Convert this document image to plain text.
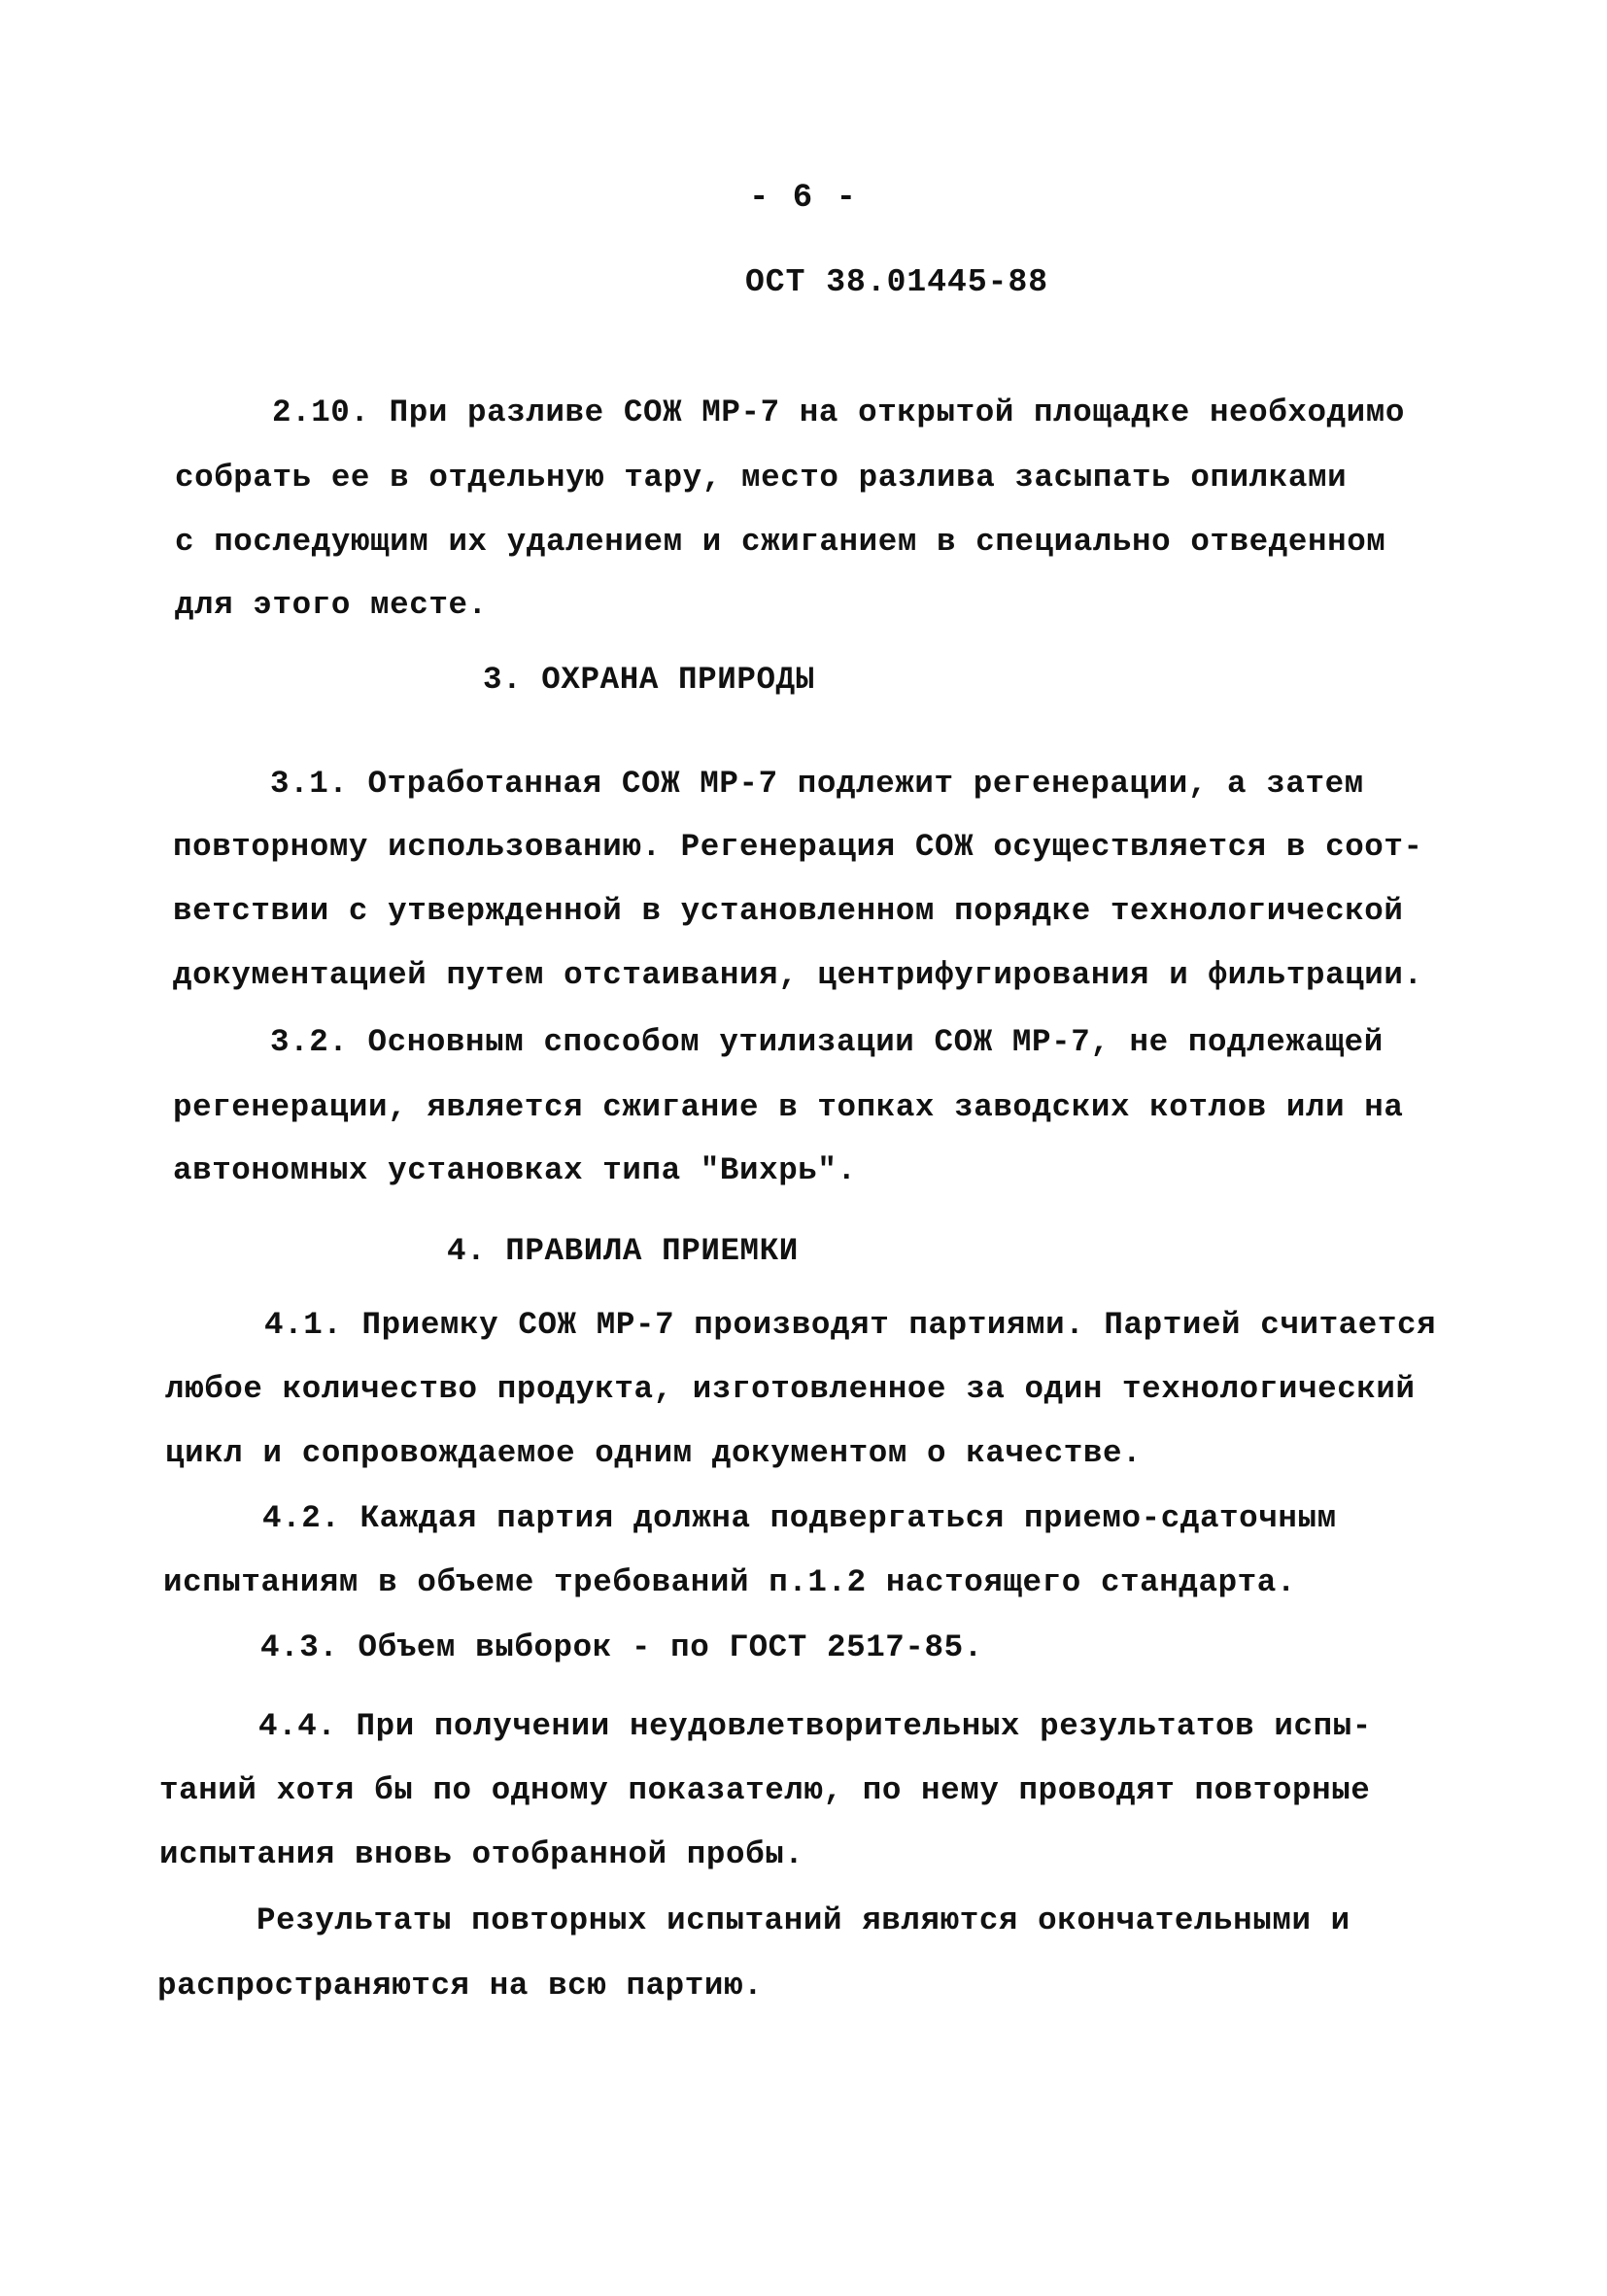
- 6 -
ОСТ 38.01445-88
2.10. При разливе СОЖ МР-7 на открытой площадке необходимо
собрать ее в отдельную тару, место разлива засыпать опилками
с последующим их удалением и сжиганием в специально отведенном
для этого месте.
3. ОХРАНА ПРИРОДЫ
3.1. Отработанная СОЖ МР-7 подлежит регенерации, а затем
повторному использованию. Регенерация СОЖ осуществляется в соот-
ветствии с утвержденной в установленном порядке технологической
документацией путем отстаивания, центрифугирования и фильтрации.
3.2. Основным способом утилизации СОЖ МР-7, не подлежащей
регенерации, является сжигание в топках заводских котлов или на
автономных установках типа "Вихрь".
4. ПРАВИЛА ПРИЕМКИ
4.1. Приемку СОЖ МР-7 производят партиями. Партией считается
любое количество продукта, изготовленное за один технологический
цикл и сопровождаемое одним документом о качестве.
4.2. Каждая партия должна подвергаться приемо-сдаточным
испытаниям в объеме требований п.1.2 настоящего стандарта.
4.3. Объем выборок - по ГОСТ 2517-85.
4.4. При получении неудовлетворительных результатов испы-
таний хотя бы по одному показателю, по нему проводят повторные
испытания вновь отобранной пробы.
Результаты повторных испытаний являются окончательными и
распространяются на всю партию.
